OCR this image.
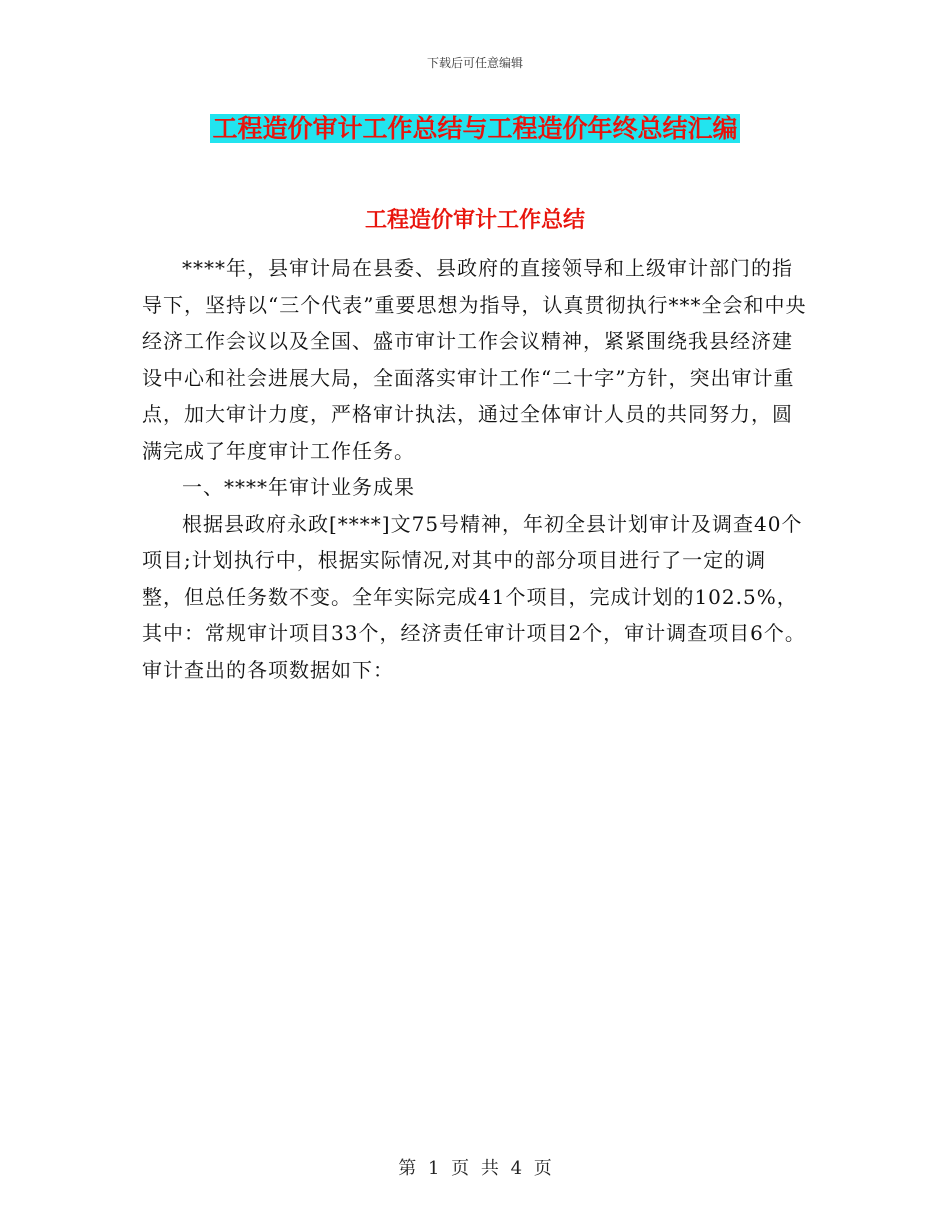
下载后可任意编辑
工程造价审计工作总结与工程造价年终总结汇编
工程造价审计工作总结

****年，县审计局在县委、县政府的直接领导和上级审计部门的指导下，坚持以“三个代表”重要思想为指导，认真贯彻执行***全会和中央经济工作会议以及全国、盛市审计工作会议精神，紧紧围绕我县经济建设中心和社会进展大局，全面落实审计工作“二十字”方针，突出审计重点，加大审计力度，严格审计执法，通过全体审计人员的共同努力，圆满完成了年度审计工作任务。

一、****年审计业务成果

根据县政府永政[****]文75号精神，年初全县计划审计及调查40个项目;计划执行中，根据实际情况,对其中的部分项目进行了一定的调整，但总任务数不变。全年实际完成41个项目，完成计划的102.5%，其中：常规审计项目33个，经济责任审计项目2个，审计调查项目6个。审计查出的各项数据如下：

第 1 页 共 4 页
